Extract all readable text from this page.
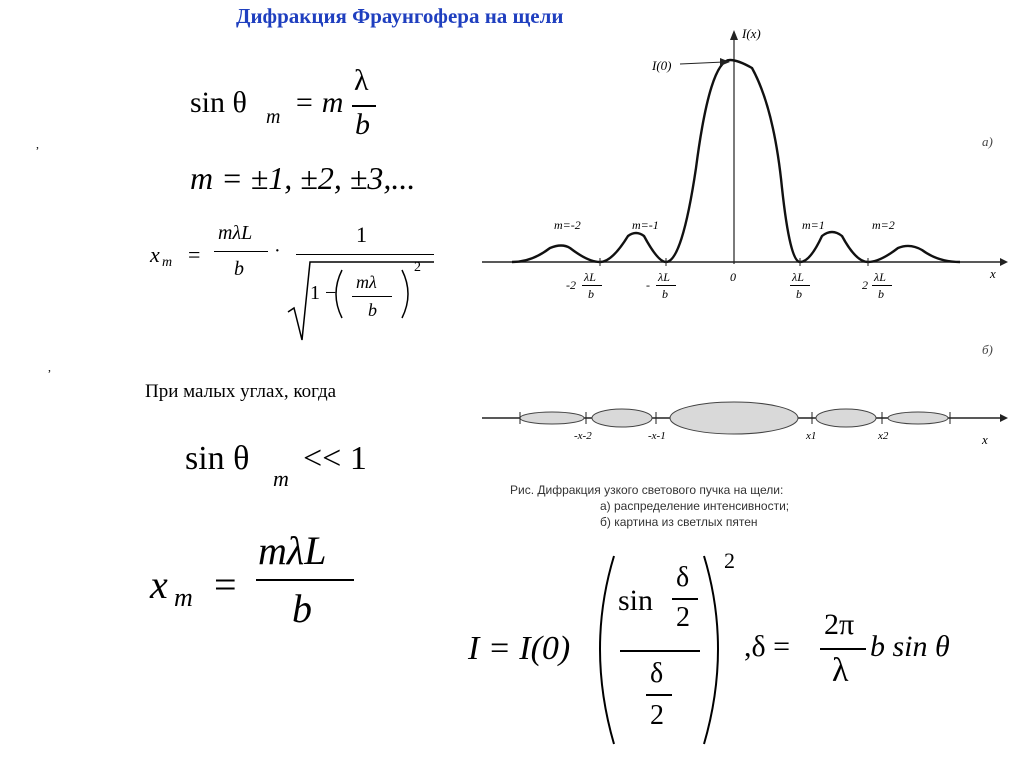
Дифракция Фраунгофера на щели
sin θ m = m
λ
b
,
m = ±1, ±2, ±3,...
x m =
mλL
b
·
1
1 − mλ
b
2
,
При малых углах, когда
sin θ
m
<< 1
x m =
mλL
b
I = I(0)
sin
δ
2
δ
2
2
,δ =
2π
λ
b sin θ
I(x)
I(0)
a)
б)
x
x
m=-2	m=-1	m=1	m=2
-2
λL
b
-
λL
b
0	λL
b
2
λL
b
-x-2	-x-1	x1	x2
Рис. Дифракция узкого светового пучка на щели:
а) распределение интенсивности;
б) картина из светлых пятен
